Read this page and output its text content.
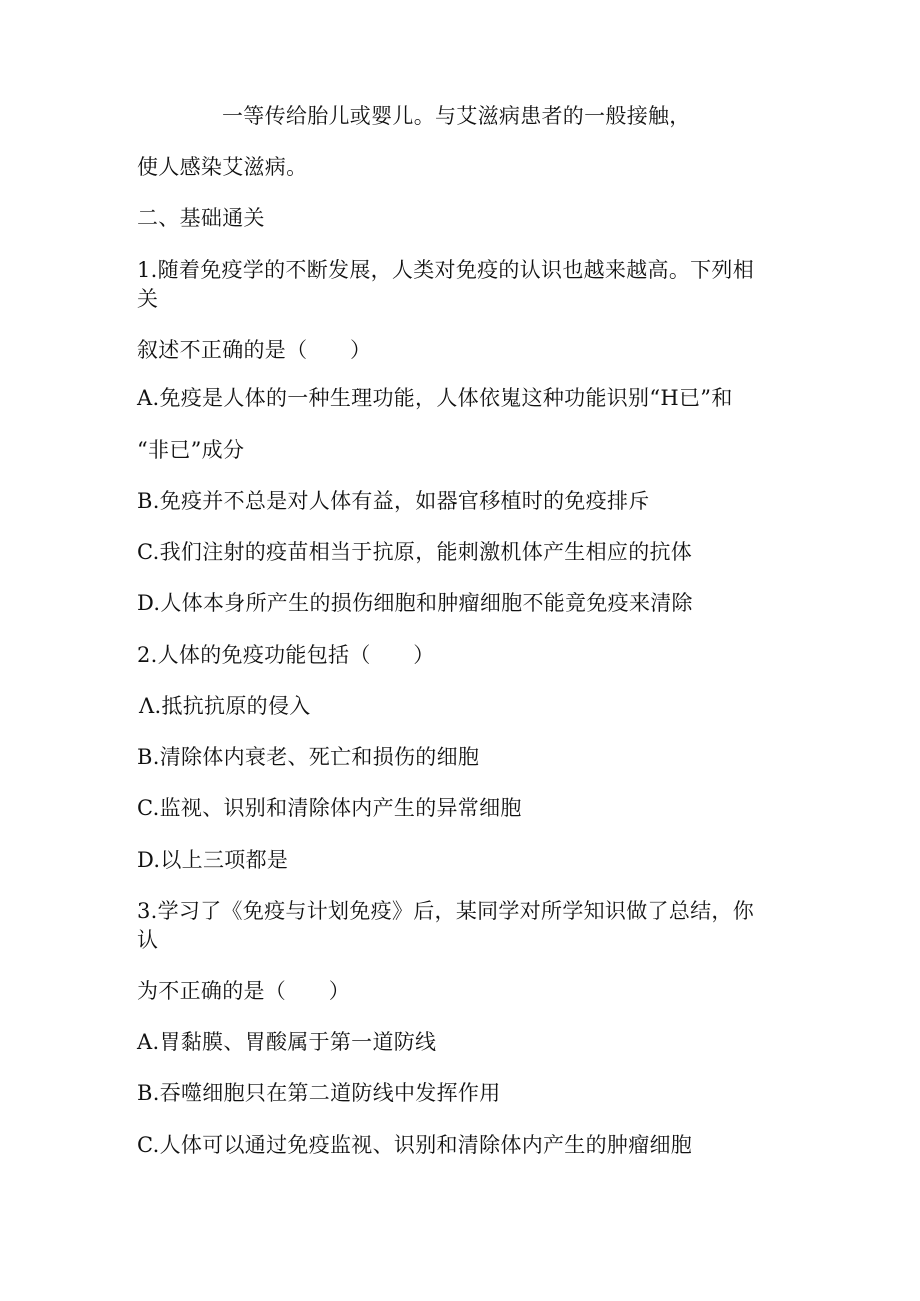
一等传给胎儿或婴儿。与艾滋病患者的一般接触，
使人感染艾滋病。
二、基础通关
1.随着免疫学的不断发展，人类对免疫的认识也越来越高。下列相
关
叙述不正确的是（　　）
A.免疫是人体的一种生理功能，人体依嵬这种功能识别“H已”和
“非已”成分
B.免疫并不总是对人体有益，如器官移植时的免疫排斥
C.我们注射的疫苗相当于抗原，能刺激机体产生相应的抗体
D.人体本身所产生的损伤细胞和肿瘤细胞不能竟免疫来清除
2.人体的免疫功能包括（　　）
Λ.抵抗抗原的侵入
B.清除体内衰老、死亡和损伤的细胞
C.监视、识别和清除体内产生的异常细胞
D.以上三项都是
3.学习了《免疫与计划免疫》后，某同学对所学知识做了总结，你
认
为不正确的是（　　）
A.胃黏膜、胃酸属于第一道防线
B.吞噬细胞只在第二道防线中发挥作用
C.人体可以通过免疫监视、识别和清除体内产生的肿瘤细胞
